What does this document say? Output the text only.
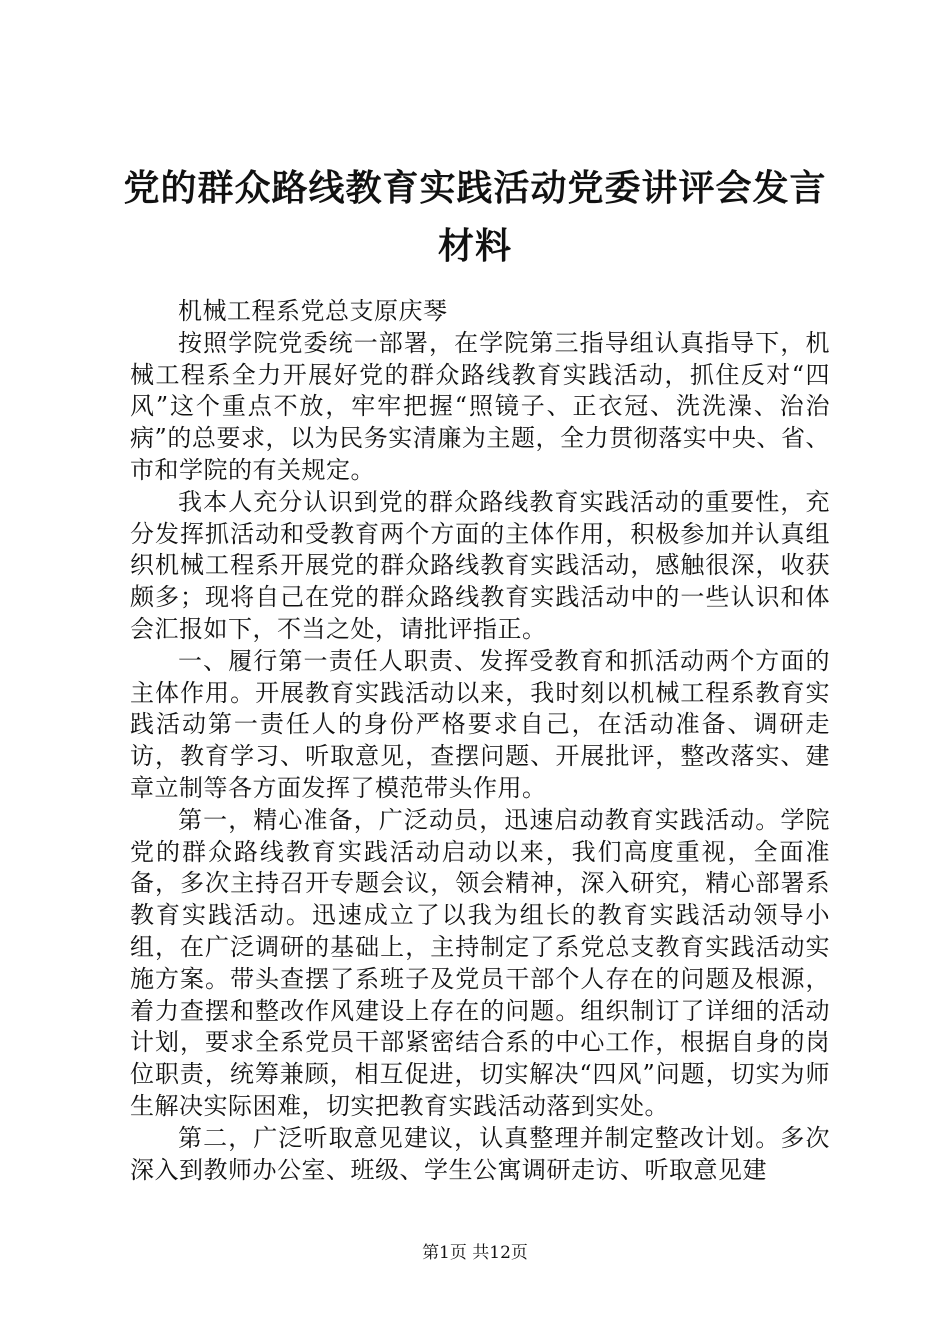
党的群众路线教育实践活动党委讲评会发言材料

机械工程系党总支原庆琴

按照学院党委统一部署，在学院第三指导组认真指导下，机械工程系全力开展好党的群众路线教育实践活动，抓住反对“四风”这个重点不放，牢牢把握“照镜子、正衣冠、洗洗澡、治治病”的总要求，以为民务实清廉为主题，全力贯彻落实中央、省、市和学院的有关规定。

我本人充分认识到党的群众路线教育实践活动的重要性，充分发挥抓活动和受教育两个方面的主体作用，积极参加并认真组织机械工程系开展党的群众路线教育实践活动，感触很深，收获颇多；现将自己在党的群众路线教育实践活动中的一些认识和体会汇报如下，不当之处，请批评指正。

一、履行第一责任人职责、发挥受教育和抓活动两个方面的主体作用。开展教育实践活动以来，我时刻以机械工程系教育实践活动第一责任人的身份严格要求自己，在活动准备、调研走访，教育学习、听取意见，查摆问题、开展批评，整改落实、建章立制等各方面发挥了模范带头作用。

第一，精心准备，广泛动员，迅速启动教育实践活动。学院党的群众路线教育实践活动启动以来，我们高度重视，全面准备，多次主持召开专题会议，领会精神，深入研究，精心部署系教育实践活动。迅速成立了以我为组长的教育实践活动领导小组，在广泛调研的基础上，主持制定了系党总支教育实践活动实施方案。带头查摆了系班子及党员干部个人存在的问题及根源，着力查摆和整改作风建设上存在的问题。组织制订了详细的活动计划，要求全系党员干部紧密结合系的中心工作，根据自身的岗位职责，统筹兼顾，相互促进，切实解决“四风”问题，切实为师生解决实际困难，切实把教育实践活动落到实处。

第二，广泛听取意见建议，认真整理并制定整改计划。多次深入到教师办公室、班级、学生公寓调研走访、听取意见建

第1页 共12页
